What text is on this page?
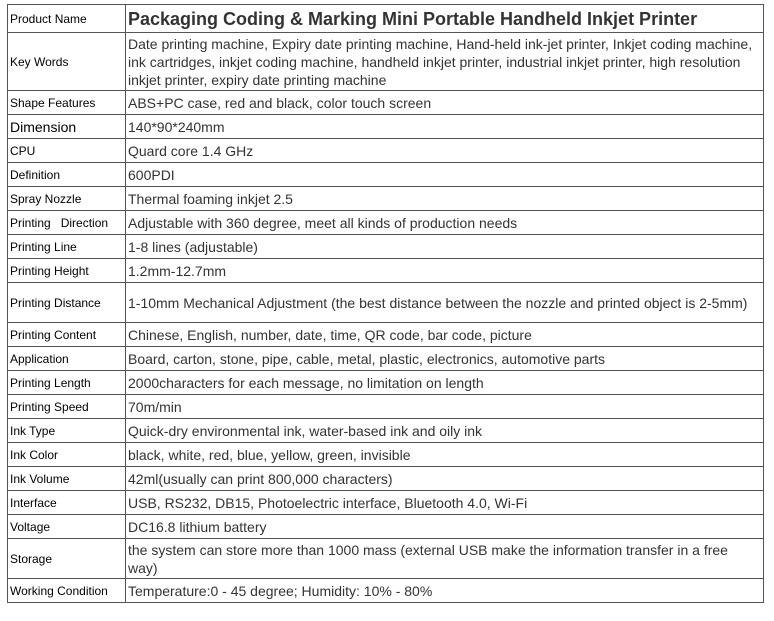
Product Name	Packaging Coding & Marking Mini Portable Handheld Inkjet Printer
Key Words	Date printing machine, Expiry date printing machine, Hand-held ink-jet printer, Inkjet coding machine, ink cartridges, inkjet coding machine, handheld inkjet printer, industrial inkjet printer, high resolution inkjet printer, expiry date printing machine
Shape Features	ABS+PC case, red and black, color touch screen
Dimension	140*90*240mm
CPU	Quard core 1.4 GHz
Definition	600PDI
Spray Nozzle	Thermal foaming inkjet 2.5
Printing   Direction	Adjustable with 360 degree, meet all kinds of production needs
Printing Line	1-8 lines (adjustable)
Printing Height	1.2mm-12.7mm
Printing Distance	1-10mm Mechanical Adjustment (the best distance between the nozzle and printed object is 2-5mm)
Printing Content	Chinese, English, number, date, time, QR code, bar code, picture
Application	Board, carton, stone, pipe, cable, metal, plastic, electronics, automotive parts
Printing Length	2000characters for each message, no limitation on length
Printing Speed	70m/min
Ink Type	Quick-dry environmental ink, water-based ink and oily ink
Ink Color	black, white, red, blue, yellow, green, invisible
Ink Volume	42ml(usually can print 800,000 characters)
Interface	USB, RS232, DB15, Photoelectric interface, Bluetooth 4.0, Wi-Fi
Voltage	DC16.8 lithium battery
Storage	the system can store more than 1000 mass (external USB make the information transfer in a free way)
Working Condition	Temperature:0 - 45 degree; Humidity: 10% - 80%
